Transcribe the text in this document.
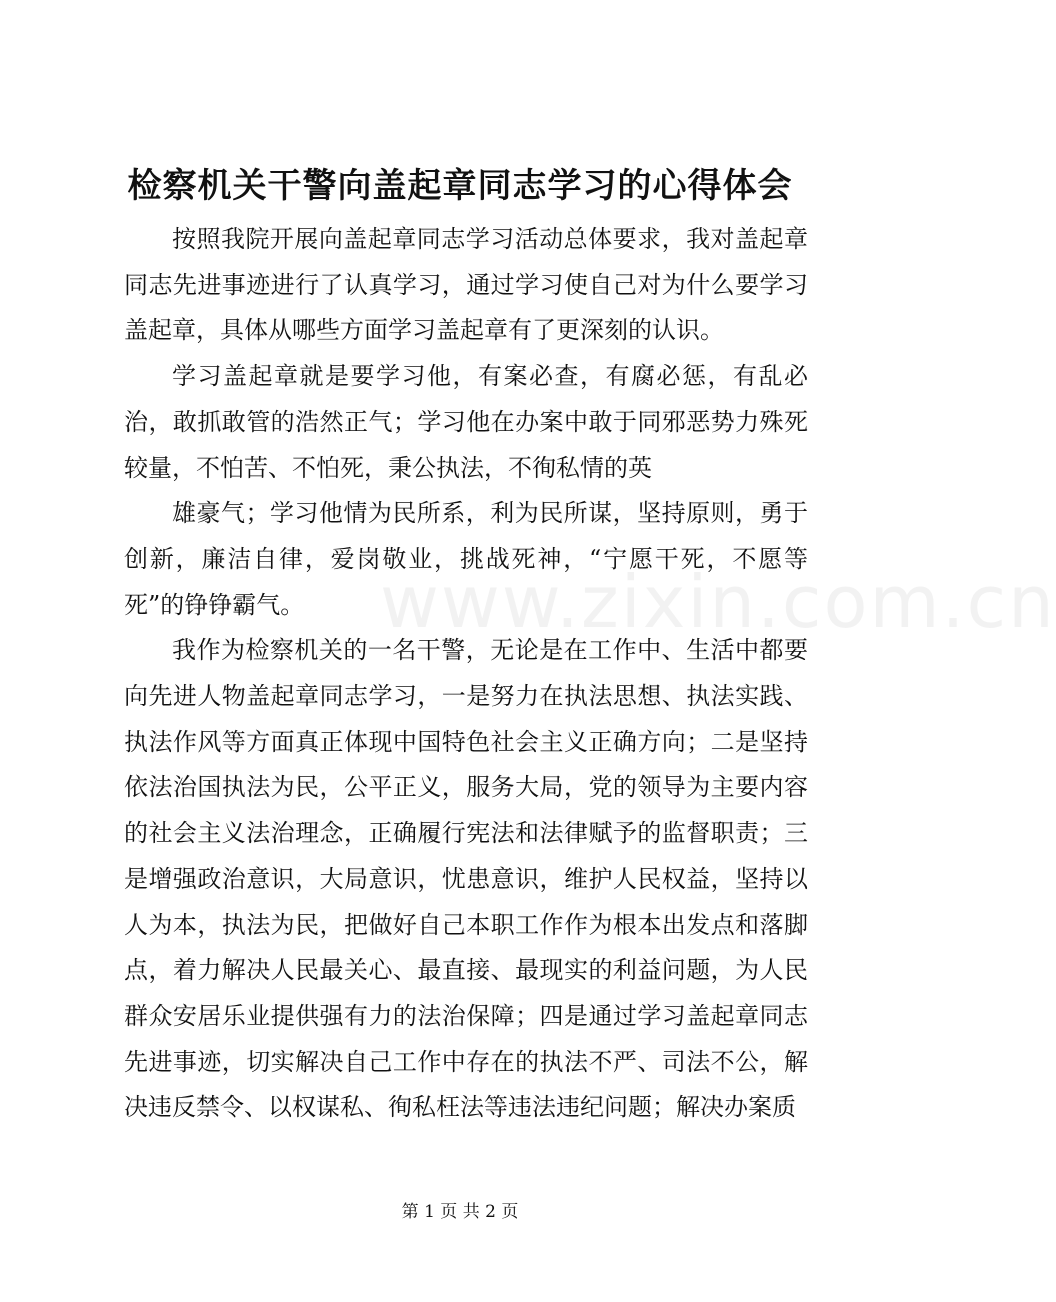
检察机关干警向盖起章同志学习的心得体会

按照我院开展向盖起章同志学习活动总体要求，我对盖起章同志先进事迹进行了认真学习，通过学习使自己对为什么要学习盖起章，具体从哪些方面学习盖起章有了更深刻的认识。

学习盖起章就是要学习他，有案必查，有腐必惩，有乱必治，敢抓敢管的浩然正气；学习他在办案中敢于同邪恶势力殊死较量，不怕苦、不怕死，秉公执法，不徇私情的英

雄豪气；学习他情为民所系，利为民所谋，坚持原则，勇于创新，廉洁自律，爱岗敬业，挑战死神，“宁愿干死，不愿等死”的铮铮霸气。

我作为检察机关的一名干警，无论是在工作中、生活中都要向先进人物盖起章同志学习，一是努力在执法思想、执法实践、执法作风等方面真正体现中国特色社会主义正确方向；二是坚持依法治国执法为民，公平正义，服务大局，党的领导为主要内容的社会主义法治理念，正确履行宪法和法律赋予的监督职责；三是增强政治意识，大局意识，忧患意识，维护人民权益，坚持以人为本，执法为民，把做好自己本职工作作为根本出发点和落脚点，着力解决人民最关心、最直接、最现实的利益问题，为人民群众安居乐业提供强有力的法治保障；四是通过学习盖起章同志先进事迹，切实解决自己工作中存在的执法不严、司法不公，解决违反禁令、以权谋私、徇私枉法等违法违纪问题；解决办案质

www.zixin.com.cn
第 1 页 共 2 页
